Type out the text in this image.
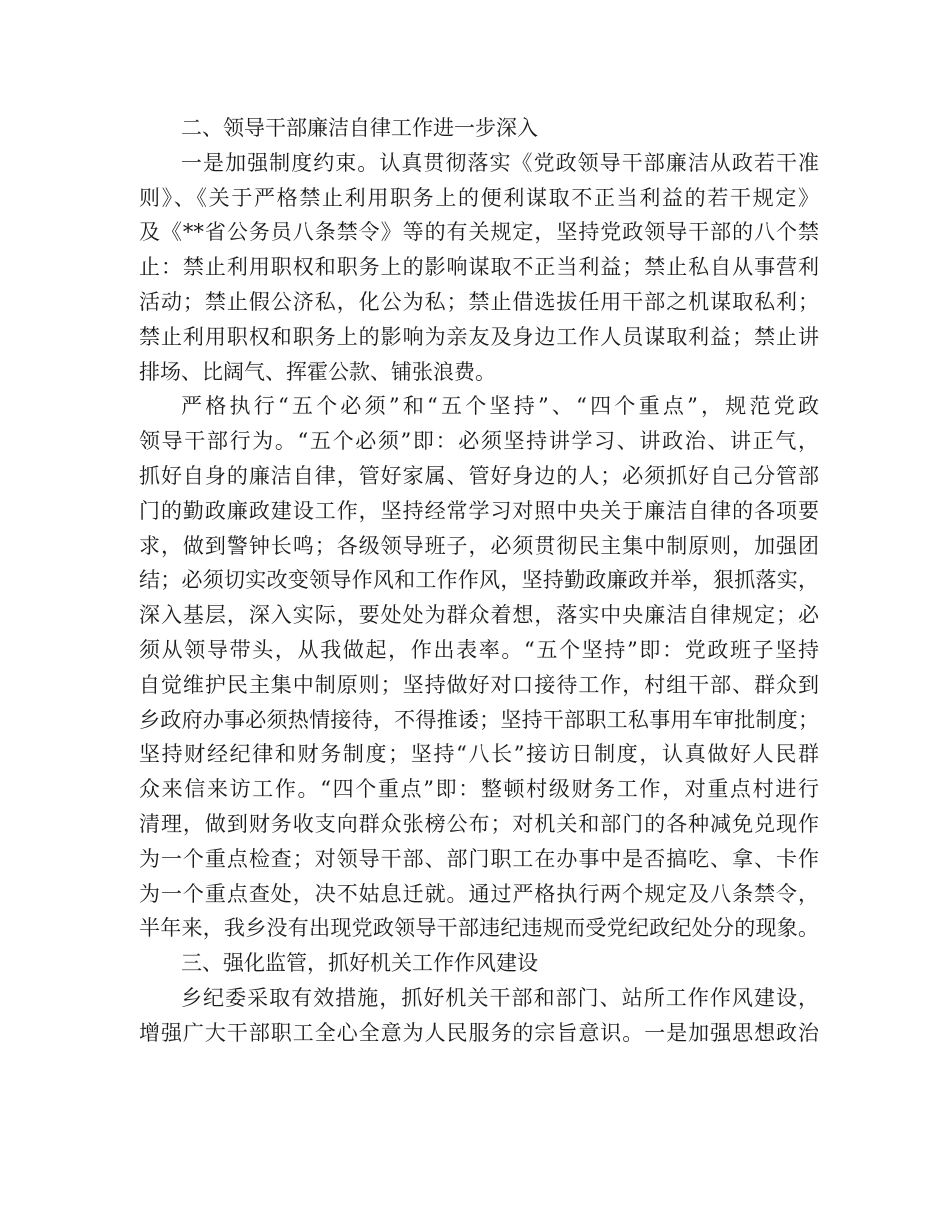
二、领导干部廉洁自律工作进一步深入
一是加强制度约束。认真贯彻落实《党政领导干部廉洁从政若干准
则》、《关于严格禁止利用职务上的便利谋取不正当利益的若干规定》
及《**省公务员八条禁令》等的有关规定，坚持党政领导干部的八个禁
止：禁止利用职权和职务上的影响谋取不正当利益；禁止私自从事营利
活动；禁止假公济私，化公为私；禁止借选拔任用干部之机谋取私利；
禁止利用职权和职务上的影响为亲友及身边工作人员谋取利益；禁止讲
排场、比阔气、挥霍公款、铺张浪费。
严格执行“五个必须”和“五个坚持”、“四个重点”，规范党政
领导干部行为。“五个必须”即：必须坚持讲学习、讲政治、讲正气，
抓好自身的廉洁自律，管好家属、管好身边的人；必须抓好自己分管部
门的勤政廉政建设工作，坚持经常学习对照中央关于廉洁自律的各项要
求，做到警钟长鸣；各级领导班子，必须贯彻民主集中制原则，加强团
结；必须切实改变领导作风和工作作风，坚持勤政廉政并举，狠抓落实，
深入基层，深入实际，要处处为群众着想，落实中央廉洁自律规定；必
须从领导带头，从我做起，作出表率。“五个坚持”即：党政班子坚持
自觉维护民主集中制原则；坚持做好对口接待工作，村组干部、群众到
乡政府办事必须热情接待，不得推诿；坚持干部职工私事用车审批制度；
坚持财经纪律和财务制度；坚持“八长”接访日制度，认真做好人民群
众来信来访工作。“四个重点”即：整顿村级财务工作，对重点村进行
清理，做到财务收支向群众张榜公布；对机关和部门的各种减免兑现作
为一个重点检查；对领导干部、部门职工在办事中是否搞吃、拿、卡作
为一个重点查处，决不姑息迁就。通过严格执行两个规定及八条禁令，
半年来，我乡没有出现党政领导干部违纪违规而受党纪政纪处分的现象。
三、强化监管，抓好机关工作作风建设
乡纪委采取有效措施，抓好机关干部和部门、站所工作作风建设，
增强广大干部职工全心全意为人民服务的宗旨意识。一是加强思想政治
